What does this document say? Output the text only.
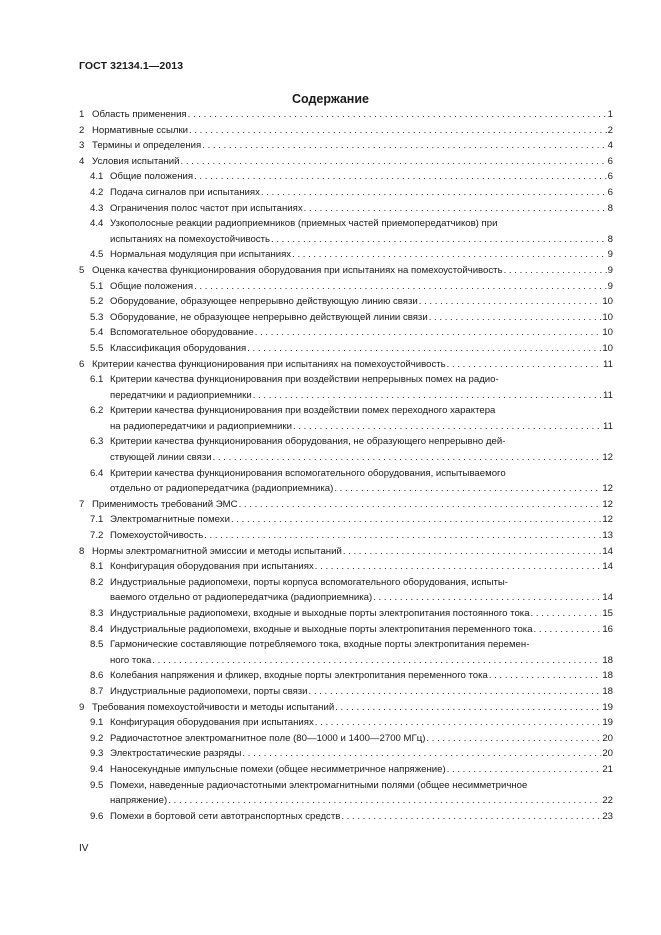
ГОСТ 32134.1—2013
Содержание
1 Область применения . . .	1
2 Нормативные ссылки . . .	2
3 Термины и определения . . .	4
4 Условия испытаний . . .	6
4.1 Общие положения . . .	6
4.2 Подача сигналов при испытаниях . . .	6
4.3 Ограничения полос частот при испытаниях . . .	8
4.4 Узкополосные реакции радиоприемников (приемных частей приемопередатчиков) при
испытаниях на помехоустойчивость . . .	8
4.5 Нормальная модуляция при испытаниях . . .	9
5 Оценка качества функционирования оборудования при испытаниях на помехоустойчивость . . .	9
5.1 Общие положения . . .	9
5.2 Оборудование, образующее непрерывно действующую линию связи . . .	10
5.3 Оборудование, не образующее непрерывно действующей линии связи . . .	10
5.4 Вспомогательное оборудование . . .	10
5.5 Классификация оборудования . . .	10
6 Критерии качества функционирования при испытаниях на помехоустойчивость . . .	11
6.1 Критерии качества функционирования при воздействии непрерывных помех на радио-
передатчики и радиоприемники . . .	11
6.2 Критерии качества функционирования при воздействии помех переходного характера
на радиопередатчики и радиоприемники . . .	11
6.3 Критерии качества функционирования оборудования, не образующего непрерывно дей-
ствующей линии связи . . .	12
6.4 Критерии качества функционирования вспомогательного оборудования, испытываемого
отдельно от радиопередатчика (радиоприемника) . . .	12
7 Применимость требований ЭМС . . .	12
7.1 Электромагнитные помехи . . .	12
7.2 Помехоустойчивость . . .	13
8 Нормы электромагнитной эмиссии и методы испытаний . . .	14
8.1 Конфигурация оборудования при испытаниях . . .	14
8.2 Индустриальные радиопомехи, порты корпуса вспомогательного оборудования, испыты-
ваемого отдельно от радиопередатчика (радиоприемника) . . .	14
8.3 Индустриальные радиопомехи, входные и выходные порты электропитания постоянного тока . . .	15
8.4 Индустриальные радиопомехи, входные и выходные порты электропитания переменного тока . . .	16
8.5 Гармонические составляющие потребляемого тока, входные порты электропитания перемен-
ного тока . . .	18
8.6 Колебания напряжения и фликер, входные порты электропитания переменного тока . . .	18
8.7 Индустриальные радиопомехи, порты связи . . .	18
9 Требования помехоустойчивости и методы испытаний . . .	19
9.1 Конфигурация оборудования при испытаниях . . .	19
9.2 Радиочастотное электромагнитное поле (80—1000 и 1400—2700 МГц) . . .	20
9.3 Электростатические разряды . . .	20
9.4 Наносекундные импульсные помехи (общее несимметричное напряжение) . . .	21
9.5 Помехи, наведенные радиочастотными электромагнитными полями (общее несимметричное
напряжение) . . .	22
9.6 Помехи в бортовой сети автотранспортных средств . . .	23
IV
